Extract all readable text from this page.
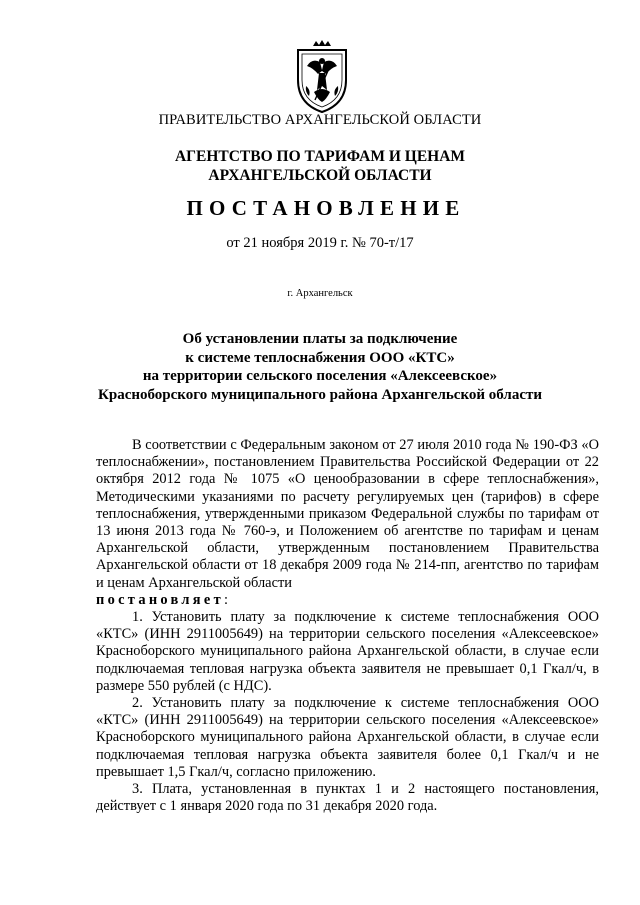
ПРАВИТЕЛЬСТВО АРХАНГЕЛЬСКОЙ ОБЛАСТИ
АГЕНТСТВО ПО ТАРИФАМ И ЦЕНАМ
АРХАНГЕЛЬСКОЙ ОБЛАСТИ
ПОСТАНОВЛЕНИЕ
от 21 ноября 2019 г. № 70-т/17
г. Архангельск
Об установлении платы за подключение
к системе теплоснабжения ООО «КТС»
на территории сельского поселения «Алексеевское»
Красноборского муниципального района Архангельской области

В соответствии с Федеральным законом от 27 июля 2010 года № 190-ФЗ «О теплоснабжении», постановлением Правительства Российской Федерации от 22 октября 2012 года № 1075 «О ценообразовании в сфере теплоснабжения», Методическими указаниями по расчету регулируемых цен (тарифов) в сфере теплоснабжения, утвержденными приказом Федеральной службы по тарифам от 13 июня 2013 года № 760-э, и Положением об агентстве по тарифам и ценам Архангельской области, утвержденным постановлением Правительства Архангельской области от 18 декабря 2009 года № 214-пп, агентство по тарифам и ценам Архангельской области

постановляет:

1. Установить плату за подключение к системе теплоснабжения ООО «КТС» (ИНН 2911005649) на территории сельского поселения «Алексеевское» Красноборского муниципального района Архангельской области, в случае если подключаемая тепловая нагрузка объекта заявителя не превышает 0,1 Гкал/ч, в размере 550 рублей (с НДС).

2. Установить плату за подключение к системе теплоснабжения ООО «КТС» (ИНН 2911005649) на территории сельского поселения «Алексеевское» Красноборского муниципального района Архангельской области, в случае если подключаемая тепловая нагрузка объекта заявителя более 0,1 Гкал/ч и не превышает 1,5 Гкал/ч, согласно приложению.

3. Плата, установленная в пунктах 1 и 2 настоящего постановления, действует с 1 января 2020 года по 31 декабря 2020 года.
